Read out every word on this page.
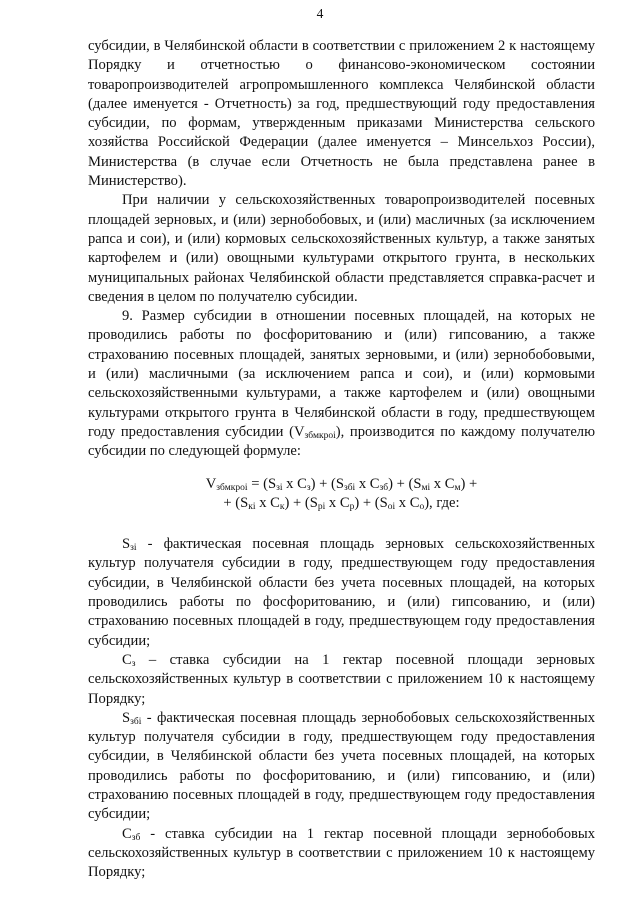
4

субсидии, в Челябинской области в соответствии с приложением 2 к настоящему Порядку и отчетностью о финансово-экономическом состоянии товаропроизводителей агропромышленного комплекса Челябинской области (далее именуется - Отчетность) за год, предшествующий году предоставления субсидии, по формам, утвержденным приказами Министерства сельского хозяйства Российской Федерации (далее именуется – Минсельхоз России), Министерства (в случае если Отчетность не была представлена ранее в Министерство).

При наличии у сельскохозяйственных товаропроизводителей посевных площадей зерновых, и (или) зернобобовых, и (или) масличных (за исключением рапса и сои), и (или) кормовых сельскохозяйственных культур, а также занятых картофелем и (или) овощными культурами открытого грунта, в нескольких муниципальных районах Челябинской области представляется справка-расчет и сведения в целом по получателю субсидии.

9. Размер субсидии в отношении посевных площадей, на которых не проводились работы по фосфоритованию и (или) гипсованию, а также страхованию посевных площадей, занятых зерновыми, и (или) зернобобовыми, и (или) масличными (за исключением рапса и сои), и (или) кормовыми сельскохозяйственными культурами, а также картофелем и (или) овощными культурами открытого грунта в Челябинской области в году, предшествующем году предоставления субсидии $(V_{збмкроi})$, производится по каждому получателю субсидии по следующей формуле:

$V_{збмкроi} = (S_{зi}$ х $С_з) + (S_{збi}$ х $С_{зб}) + (S_{мi}$ х $С_м$) +
+ ($S_{кi}$ х $С_к) + (S_{рi}$ х $С_р) + (S_{оi}$ х $С_о$), где:

$S_{зi}$ - фактическая посевная площадь зерновых сельскохозяйственных культур получателя субсидии в году, предшествующем году предоставления субсидии, в Челябинской области без учета посевных площадей, на которых проводились работы по фосфоритованию, и (или) гипсованию, и (или) страхованию посевных площадей в году, предшествующем году предоставления субсидии;

$С_з$ – ставка субсидии на 1 гектар посевной площади зерновых сельскохозяйственных культур в соответствии с приложением 10 к настоящему Порядку;

$S_{збi}$ - фактическая посевная площадь зернобобовых сельскохозяйственных культур получателя субсидии в году, предшествующем году предоставления субсидии, в Челябинской области без учета посевных площадей, на которых проводились работы по фосфоритованию, и (или) гипсованию, и (или) страхованию посевных площадей в году, предшествующем году предоставления субсидии;

$С_{зб}$ - ставка субсидии на 1 гектар посевной площади зернобобовых сельскохозяйственных культур в соответствии с приложением 10 к настоящему Порядку;
